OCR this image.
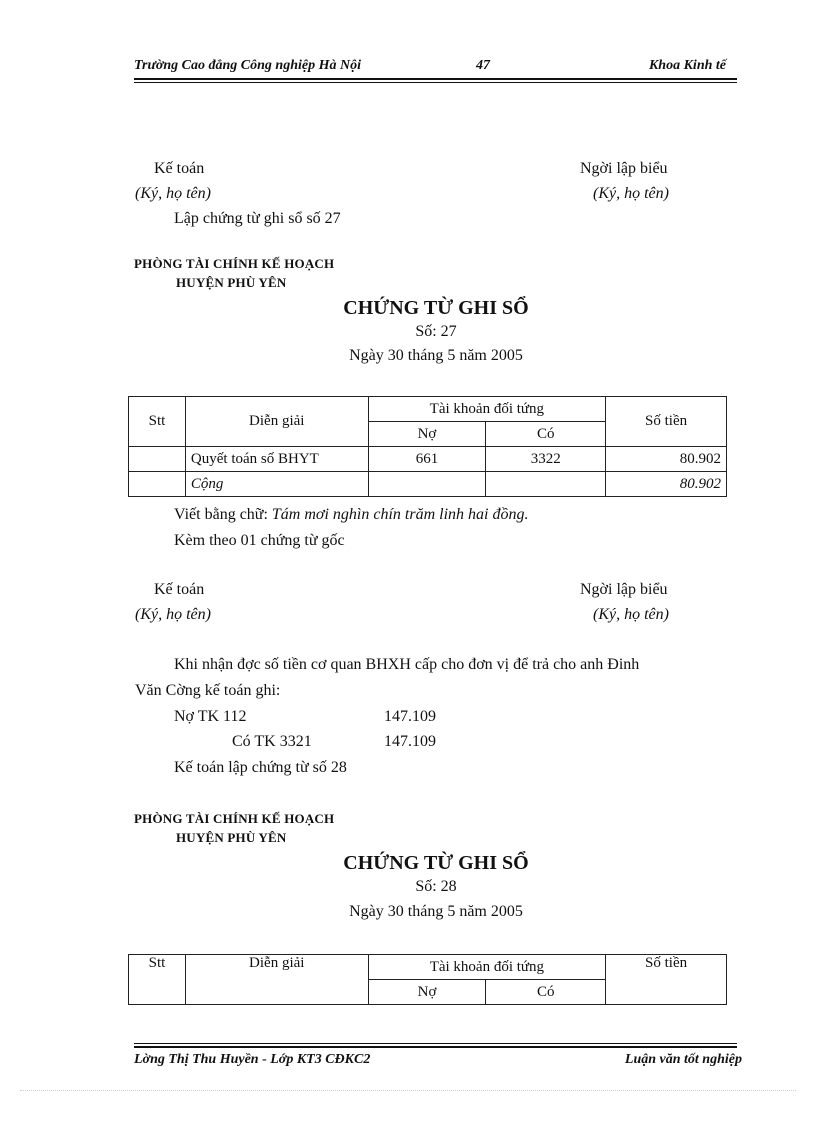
Trường Cao đẳng Công nghiệp Hà Nội	47	Khoa Kinh tế
Kế toán
(Ký, họ tên)
Ngời lập biểu
(Ký, họ tên)
Lập chứng từ ghi sổ số 27
PHÒNG TÀI CHÍNH KẾ HOẠCH
HUYỆN PHÙ YÊN
CHỨNG TỪ GHI SỔ
Số: 27
Ngày 30 tháng 5 năm 2005
Stt	Diễn giải	Tài khoản đối tứng		Số tiền
		Nợ	Có	
	Quyết toán số BHYT	661	3322	80.902
	Cộng			80.902
Viết bằng chữ: Tám mơi nghìn chín trăm linh hai đồng.
Kèm theo 01 chứng từ gốc
Kế toán
(Ký, họ tên)
Ngời lập biểu
(Ký, họ tên)
Khi nhận đợc số tiền cơ quan BHXH cấp cho đơn vị để trả cho anh Đinh
Văn Cờng kế toán ghi:
Nợ TK 112	147.109
Có TK 3321	147.109
Kế toán lập chứng từ số 28
PHÒNG TÀI CHÍNH KẾ HOẠCH
HUYỆN PHÙ YÊN
CHỨNG TỪ GHI SỔ
Số: 28
Ngày 30 tháng 5 năm 2005
Stt	Diễn giải	Tài khoản đối tứng		Số tiền
		Nợ	Có	
Lờng Thị Thu Huyền - Lớp KT3 CĐKC2	Luận văn tốt nghiệp
